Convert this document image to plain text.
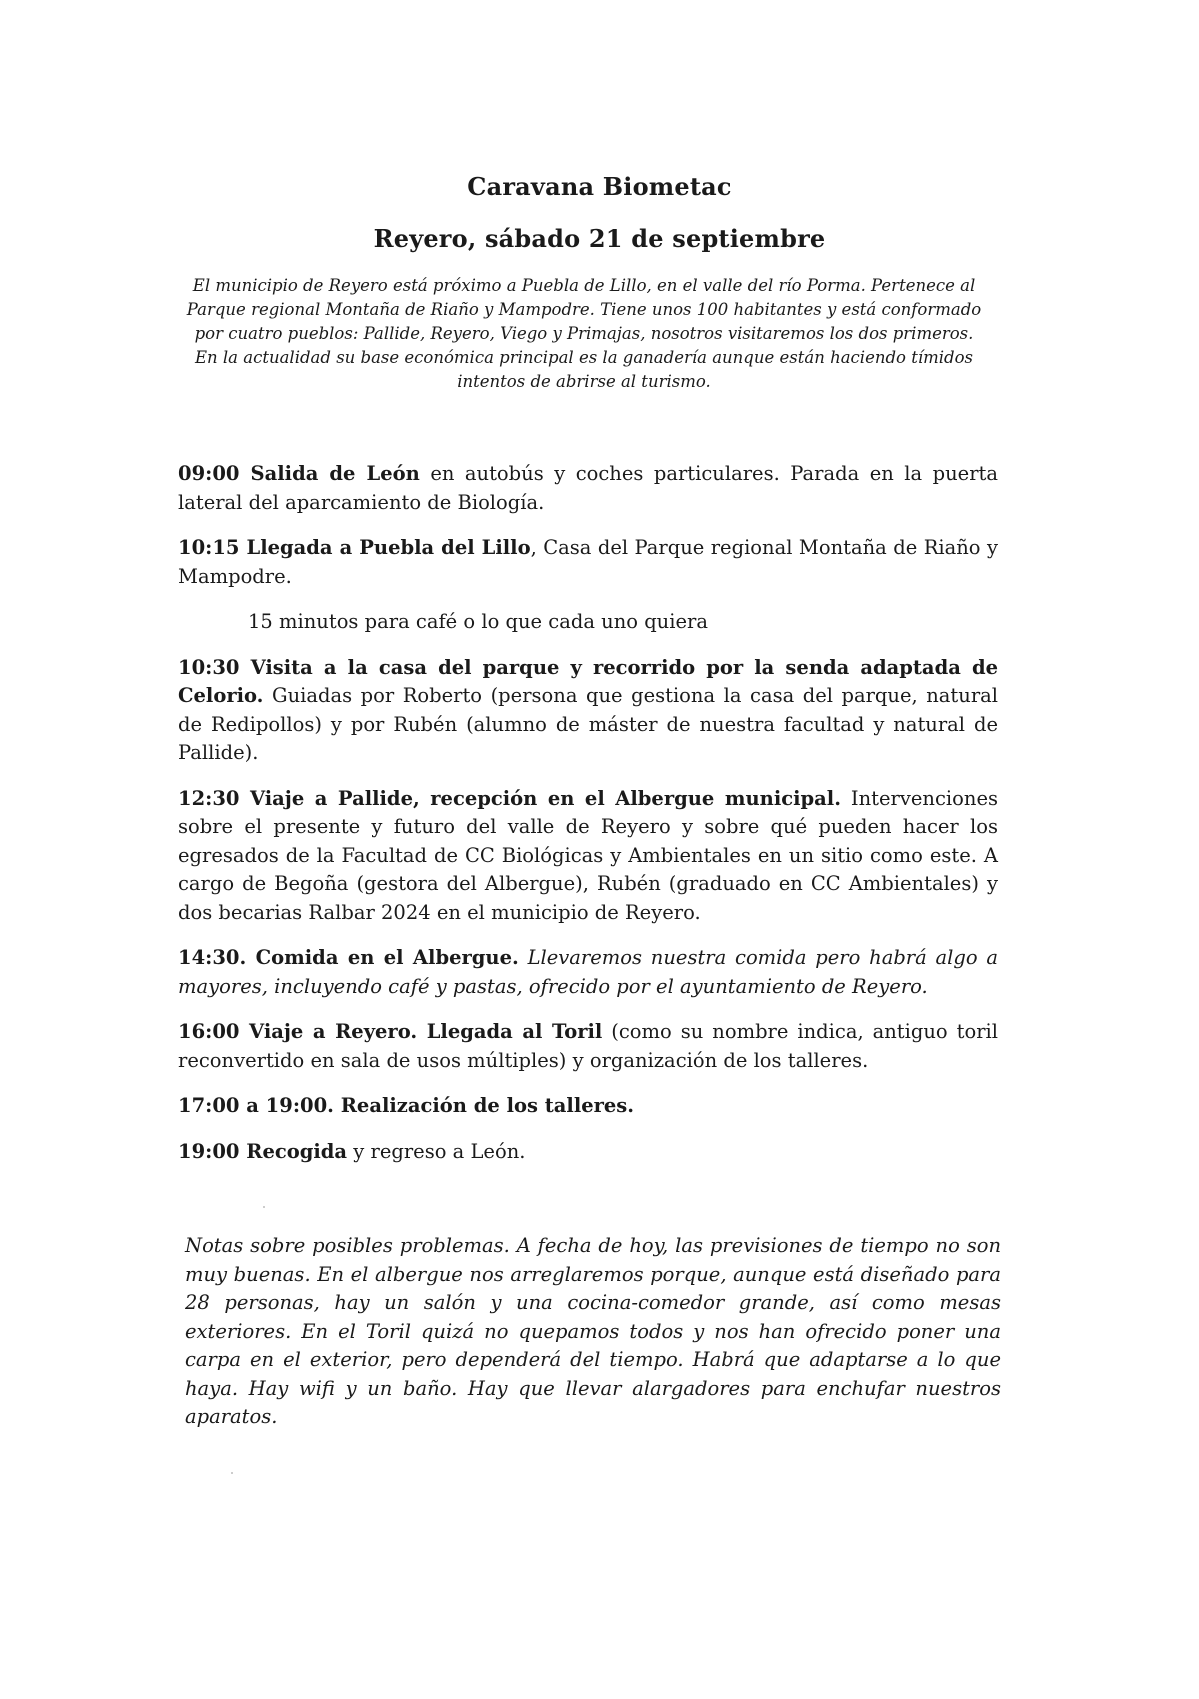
Caravana Biometac
Reyero, sábado 21 de septiembre
El municipio de Reyero está próximo a Puebla de Lillo, en el valle del río Porma. Pertenece al Parque regional Montaña de Riaño y Mampodre. Tiene unos 100 habitantes y está conformado por cuatro pueblos: Pallide, Reyero, Viego y Primajas, nosotros visitaremos los dos primeros. En la actualidad su base económica principal es la ganadería aunque están haciendo tímidos intentos de abrirse al turismo.

09:00 Salida de León en autobús y coches particulares. Parada en la puerta lateral del aparcamiento de Biología.

10:15 Llegada a Puebla del Lillo, Casa del Parque regional Montaña de Riaño y Mampodre.

15 minutos para café o lo que cada uno quiera

10:30 Visita a la casa del parque y recorrido por la senda adaptada de Celorio. Guiadas por Roberto (persona que gestiona la casa del parque, natural de Redipollos) y por Rubén (alumno de máster de nuestra facultad y natural de Pallide).

12:30 Viaje a Pallide, recepción en el Albergue municipal. Intervenciones sobre el presente y futuro del valle de Reyero y sobre qué pueden hacer los egresados de la Facultad de CC Biológicas y Ambientales en un sitio como este. A cargo de Begoña (gestora del Albergue), Rubén (graduado en CC Ambientales) y dos becarias Ralbar 2024 en el municipio de Reyero.

14:30. Comida en el Albergue. Llevaremos nuestra comida pero habrá algo a mayores, incluyendo café y pastas, ofrecido por el ayuntamiento de Reyero.

16:00 Viaje a Reyero. Llegada al Toril (como su nombre indica, antiguo toril reconvertido en sala de usos múltiples) y organización de los talleres.

17:00 a 19:00. Realización de los talleres.

19:00 Recogida y regreso a León.

Notas sobre posibles problemas. A fecha de hoy, las previsiones de tiempo no son muy buenas. En el albergue nos arreglaremos porque, aunque está diseñado para 28 personas, hay un salón y una cocina-comedor grande, así como mesas exteriores. En el Toril quizá no quepamos todos y nos han ofrecido poner una carpa en el exterior, pero dependerá del tiempo. Habrá que adaptarse a lo que haya. Hay wifi y un baño. Hay que llevar alargadores para enchufar nuestros aparatos.
